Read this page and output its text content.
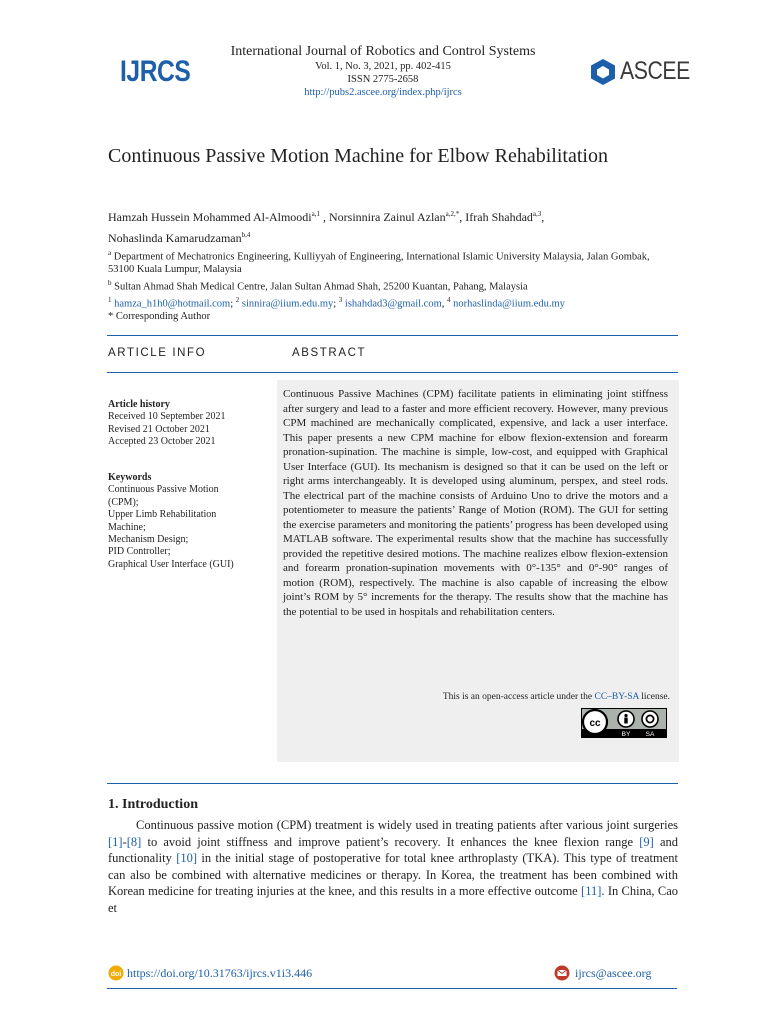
IJRCS
International Journal of Robotics and Control Systems
Vol. 1, No. 3, 2021, pp. 402-415
ISSN 2775-2658
http://pubs2.ascee.org/index.php/ijrcs
ASCEE
Continuous Passive Motion Machine for Elbow Rehabilitation
Hamzah Hussein Mohammed Al-Almoodi$^{a,1}$ , Norsinnira Zainul Azlan$^{a,2,*}$, Ifrah Shahdad$^{a,3}$,
Nohaslinda Kamarudzaman$^{b,4}$
$^a$ Department of Mechatronics Engineering, Kulliyyah of Engineering, International Islamic University Malaysia, Jalan Gombak, 53100 Kuala Lumpur, Malaysia
$^b$ Sultan Ahmad Shah Medical Centre, Jalan Sultan Ahmad Shah, 25200 Kuantan, Pahang, Malaysia
$^1$ hamza_h1h0@hotmail.com; $^2$ sinnira@iium.edu.my; $^3$ ishahdad3@gmail.com, $^4$ norhaslinda@iium.edu.my
* Corresponding Author
ARTICLE INFO	ABSTRACT
Article history
Received 10 September 2021
Revised 21 October 2021
Accepted 23 October 2021
Keywords
Continuous Passive Motion (CPM);
Upper Limb Rehabilitation Machine;
Mechanism Design;
PID Controller;
Graphical User Interface (GUI)
Continuous Passive Machines (CPM) facilitate patients in eliminating joint stiffness after surgery and lead to a faster and more efficient recovery. However, many previous CPM machined are mechanically complicated, expensive, and lack a user interface. This paper presents a new CPM machine for elbow flexion-extension and forearm pronation-supination. The machine is simple, low-cost, and equipped with Graphical User Interface (GUI). Its mechanism is designed so that it can be used on the left or right arms interchangeably. It is developed using aluminum, perspex, and steel rods. The electrical part of the machine consists of Arduino Uno to drive the motors and a potentiometer to measure the patients’ Range of Motion (ROM). The GUI for setting the exercise parameters and monitoring the patients’ progress has been developed using MATLAB software. The experimental results show that the machine has successfully provided the repetitive desired motions. The machine realizes elbow flexion-extension and forearm pronation-supination movements with 0°-135° and 0°-90° ranges of motion (ROM), respectively. The machine is also capable of increasing the elbow joint’s ROM by 5° increments for the therapy. The results show that the machine has the potential to be used in hospitals and rehabilitation centers.
This is an open-access article under the CC–BY-SA license.
cc
BY SA
1. Introduction
Continuous passive motion (CPM) treatment is widely used in treating patients after various joint surgeries [1]-[8] to avoid joint stiffness and improve patient’s recovery. It enhances the knee flexion range [9] and functionality [10] in the initial stage of postoperative for total knee arthroplasty (TKA). This type of treatment can also be combined with alternative medicines or therapy. In Korea, the treatment has been combined with Korean medicine for treating injuries at the knee, and this results in a more effective outcome [11]. In China, Cao et
doi https://doi.org/10.31763/ijrcs.v1i3.446	ijrcs@ascee.org
